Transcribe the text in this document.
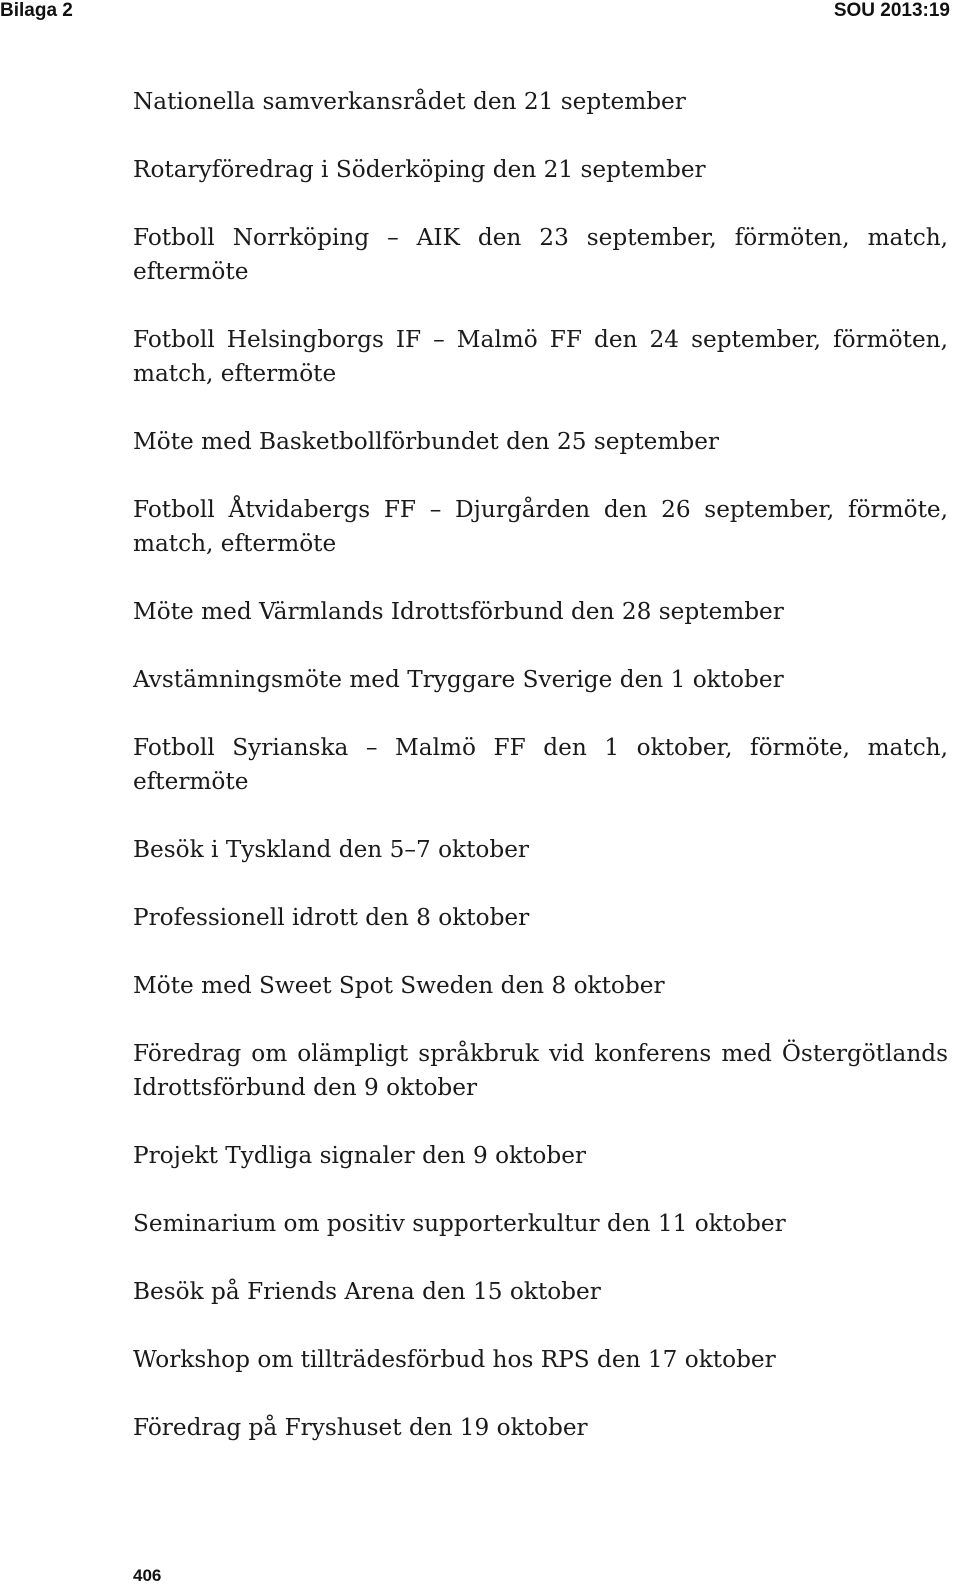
Bilaga 2	SOU 2013:19
Nationella samverkansrådet den 21 september
Rotaryföredrag i Söderköping den 21 september
Fotboll Norrköping – AIK den 23 september, förmöten, match, eftermöte
Fotboll Helsingborgs IF – Malmö FF den 24 september, förmöten, match, eftermöte
Möte med Basketbollförbundet den 25 september
Fotboll Åtvidabergs FF – Djurgården den 26 september, förmöte, match, eftermöte
Möte med Värmlands Idrottsförbund den 28 september
Avstämningsmöte med Tryggare Sverige den 1 oktober
Fotboll Syrianska – Malmö FF den 1 oktober, förmöte, match, eftermöte
Besök i Tyskland den 5–7 oktober
Professionell idrott den 8 oktober
Möte med Sweet Spot Sweden den 8 oktober
Föredrag om olämpligt språkbruk vid konferens med Östergötlands Idrottsförbund den 9 oktober
Projekt Tydliga signaler den 9 oktober
Seminarium om positiv supporterkultur den 11 oktober
Besök på Friends Arena den 15 oktober
Workshop om tillträdesförbud hos RPS den 17 oktober
Föredrag på Fryshuset den 19 oktober
406
